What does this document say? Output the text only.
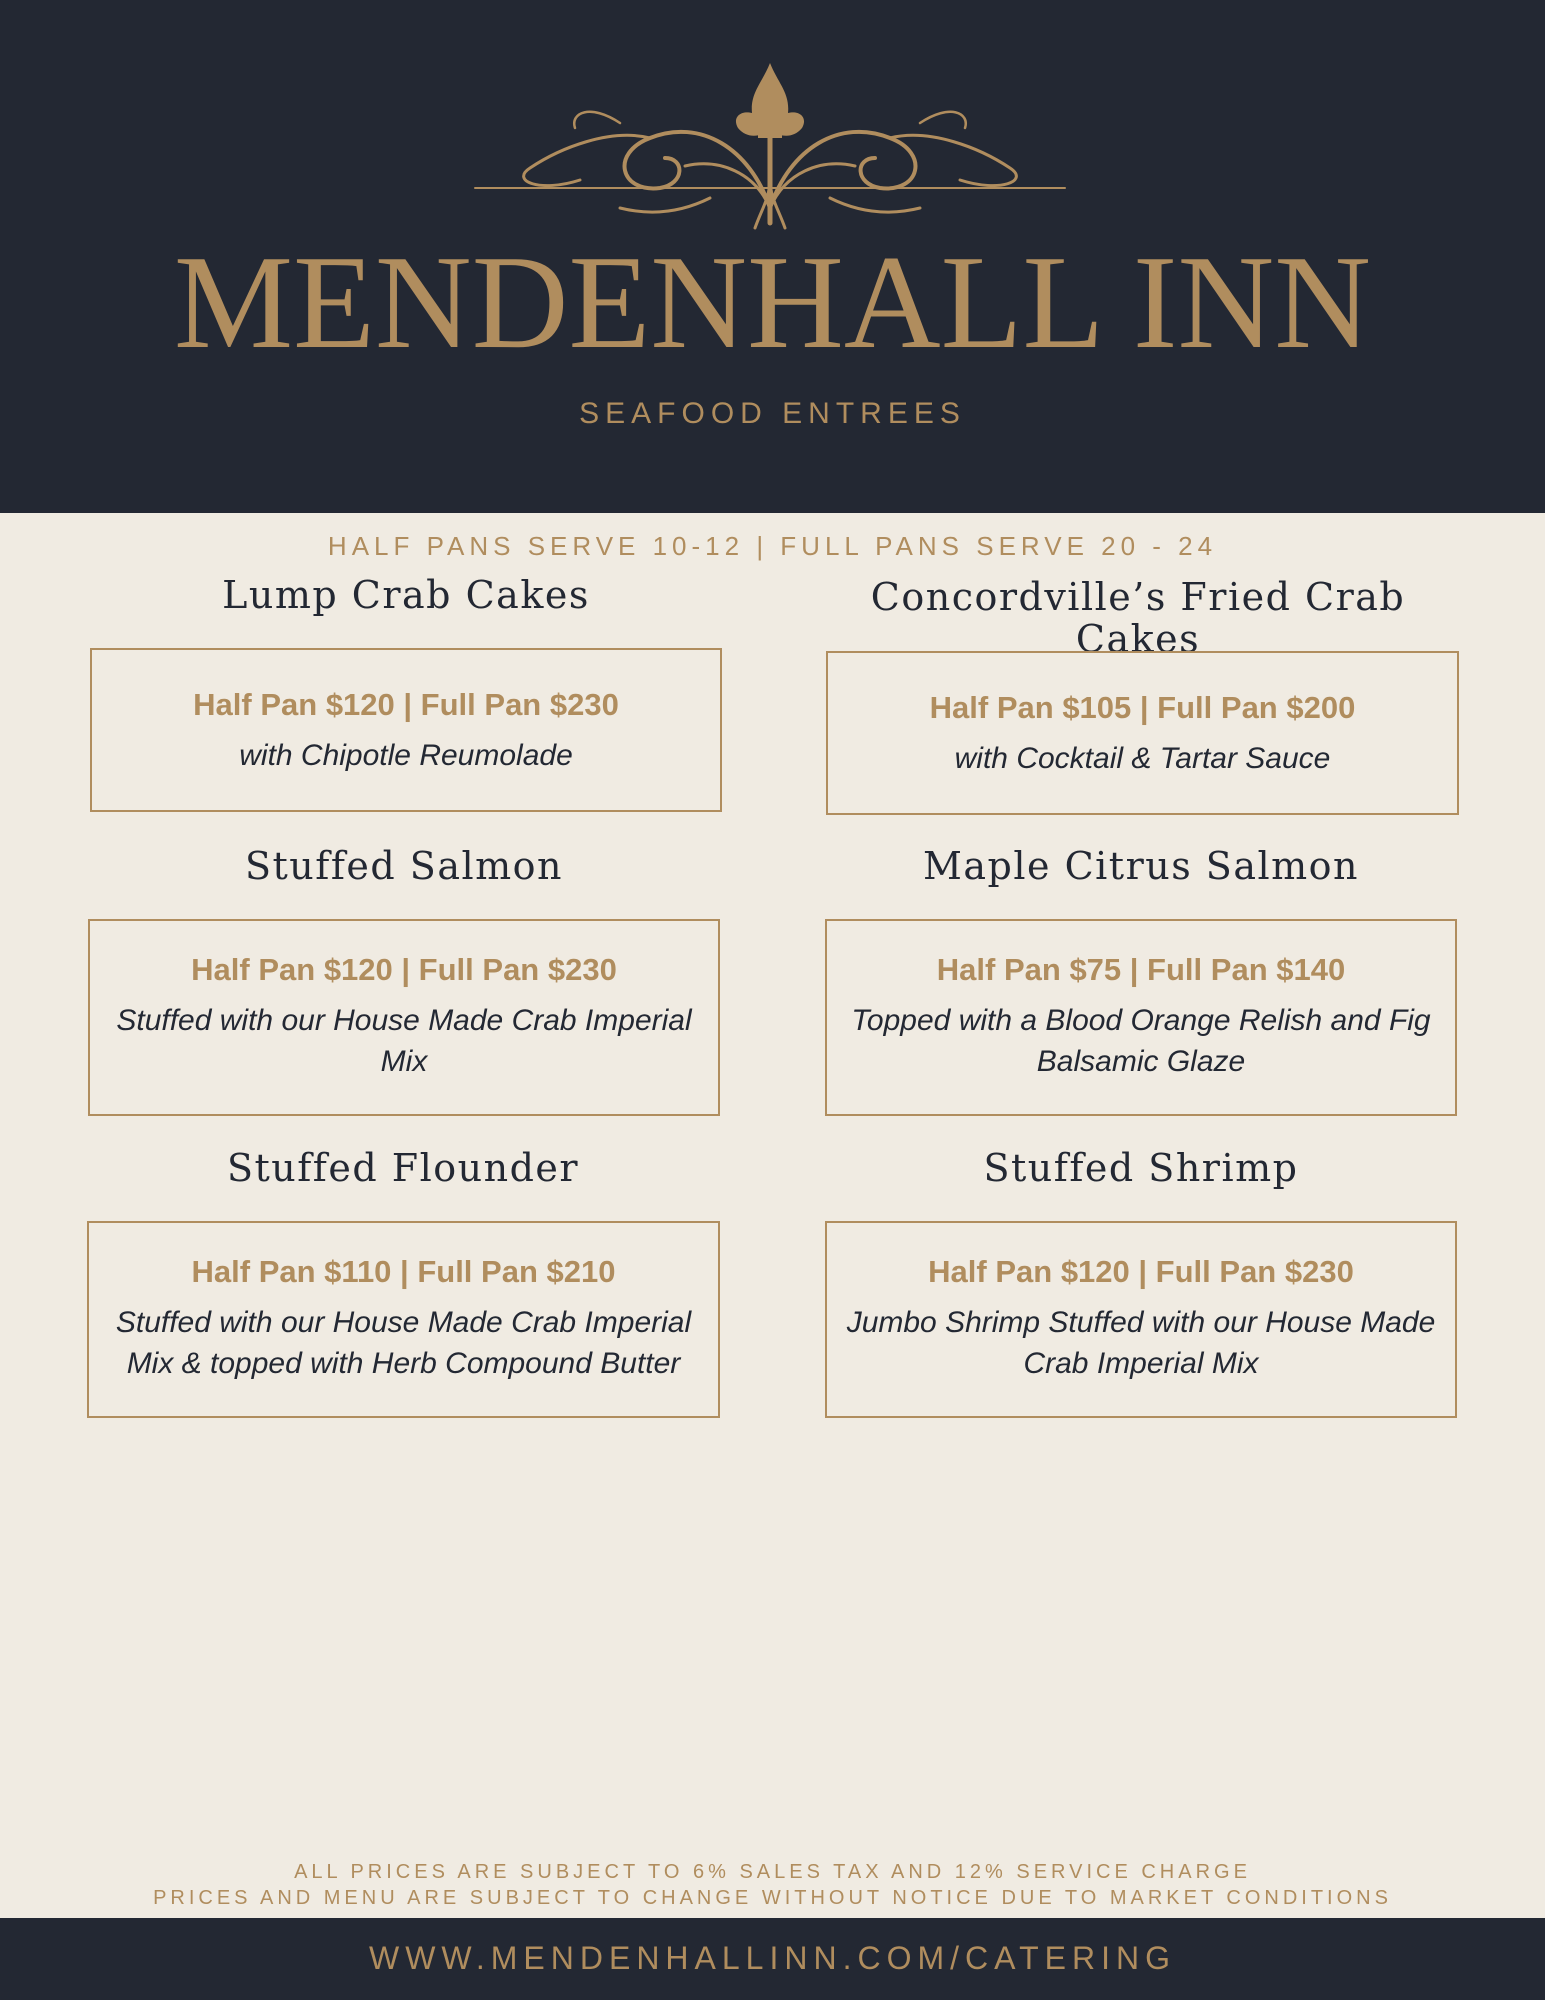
MENDENHALL INN
SEAFOOD ENTREES
HALF PANS SERVE 10-12 | FULL PANS SERVE 20 - 24
Lump Crab Cakes
Half Pan $120 | Full Pan $230
with Chipotle Reumolade
Concordville’s Fried Crab Cakes
Half Pan $105 | Full Pan $200
with Cocktail & Tartar Sauce
Stuffed Salmon
Half Pan $120 | Full Pan $230
Stuffed with our House Made Crab Imperial Mix
Maple Citrus Salmon
Half Pan $75 | Full Pan $140
Topped with a Blood Orange Relish and Fig Balsamic Glaze
Stuffed Flounder
Half Pan $110 | Full Pan $210
Stuffed with our House Made Crab Imperial Mix & topped with Herb Compound Butter
Stuffed Shrimp
Half Pan $120 | Full Pan $230
Jumbo Shrimp Stuffed with our House Made Crab Imperial Mix
ALL PRICES ARE SUBJECT TO 6% SALES TAX AND 12% SERVICE CHARGE
PRICES AND MENU ARE SUBJECT TO CHANGE WITHOUT NOTICE DUE TO MARKET CONDITIONS
WWW.MENDENHALLINN.COM/CATERING
